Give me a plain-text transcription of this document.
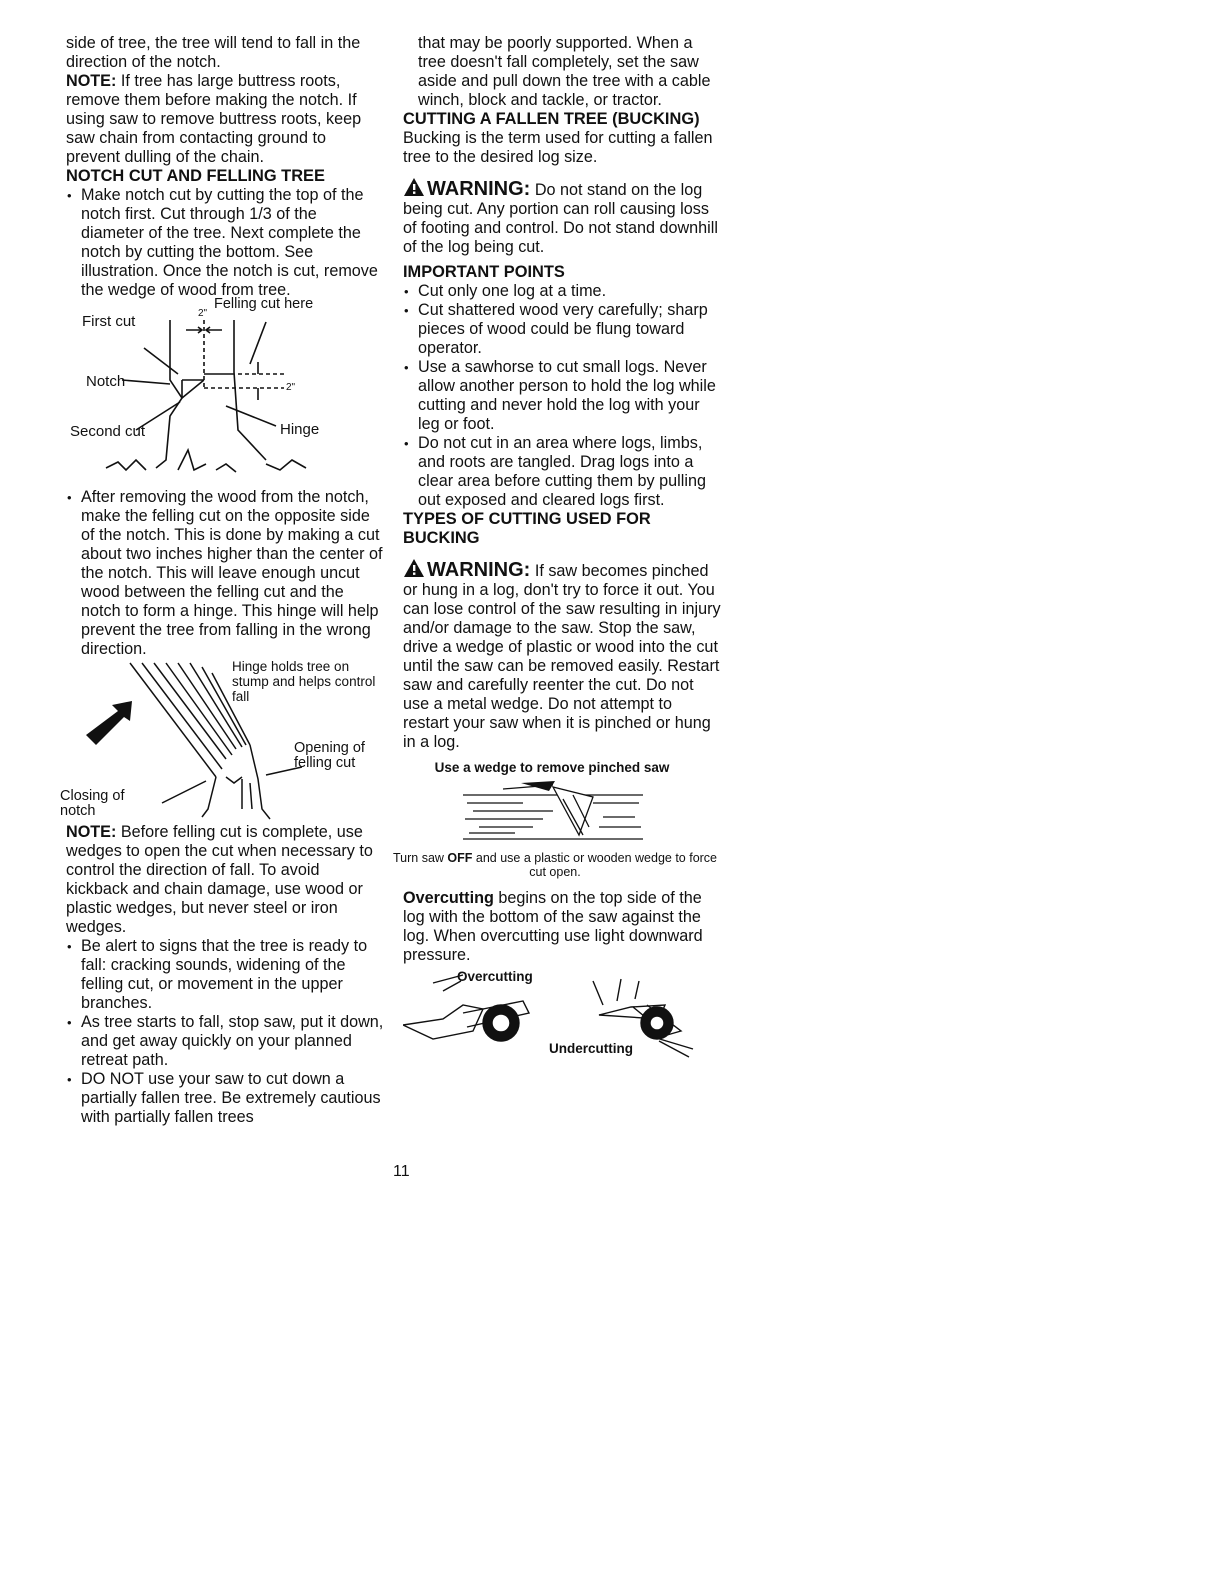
side of tree, the tree will tend to fall in the direction of the notch.

NOTE: If tree has large buttress roots, remove them before making the notch. If using saw to remove buttress roots, keep saw chain from contacting ground to prevent dulling of the chain.

NOTCH CUT AND FELLING TREE

• Make notch cut by cutting the top of the notch first. Cut through 1/3 of the diameter of the tree. Next complete the notch by cutting the bottom. See illustration. Once the notch is cut, remove the wedge of wood from tree.
Felling cut here
First cut
Notch
Second cut	Hinge
2"
2"
• After removing the wood from the notch, make the felling cut on the opposite side of the notch. This is done by making a cut about two inches higher than the center of the notch. This will leave enough uncut wood between the felling cut and the notch to form a hinge. This hinge will help prevent the tree from falling in the wrong direction.
Hinge holds tree on stump and helps control fall
Opening of felling cut
Closing of notch

NOTE: Before felling cut is complete, use wedges to open the cut when necessary to control the direction of fall. To avoid kickback and chain damage, use wood or plastic wedges, but never steel or iron wedges.

• Be alert to signs that the tree is ready to fall: cracking sounds, widening of the felling cut, or movement in the upper branches.
• As tree starts to fall, stop saw, put it down, and get away quickly on your planned retreat path.
• DO NOT use your saw to cut down a partially fallen tree. Be extremely cautious with partially fallen trees

that may be poorly supported. When a tree doesn't fall completely, set the saw aside and pull down the tree with a cable winch, block and tackle, or tractor.

CUTTING A FALLEN TREE (BUCKING)

Bucking is the term used for cutting a fallen tree to the desired log size.

WARNING: Do not stand on the log being cut. Any portion can roll causing loss of footing and control. Do not stand downhill of the log being cut.

IMPORTANT POINTS

• Cut only one log at a time.
• Cut shattered wood very carefully; sharp pieces of wood could be flung toward operator.
• Use a sawhorse to cut small logs. Never allow another person to hold the log while cutting and never hold the log with your leg or foot.
• Do not cut in an area where logs, limbs, and roots are tangled. Drag logs into a clear area before cutting them by pulling out exposed and cleared logs first.

TYPES OF CUTTING USED FOR BUCKING

WARNING: If saw becomes pinched or hung in a log, don't try to force it out. You can lose control of the saw resulting in injury and/or damage to the saw. Stop the saw, drive a wedge of plastic or wood into the cut until the saw can be removed easily. Restart saw and carefully reenter the cut. Do not use a metal wedge. Do not attempt to restart your saw when it is pinched or hung in a log.

Use a wedge to remove pinched saw

Turn saw OFF and use a plastic or wooden wedge to force cut open.

Overcutting begins on the top side of the log with the bottom of the saw against the log. When overcutting use light downward pressure.

Overcutting
Undercutting
11
